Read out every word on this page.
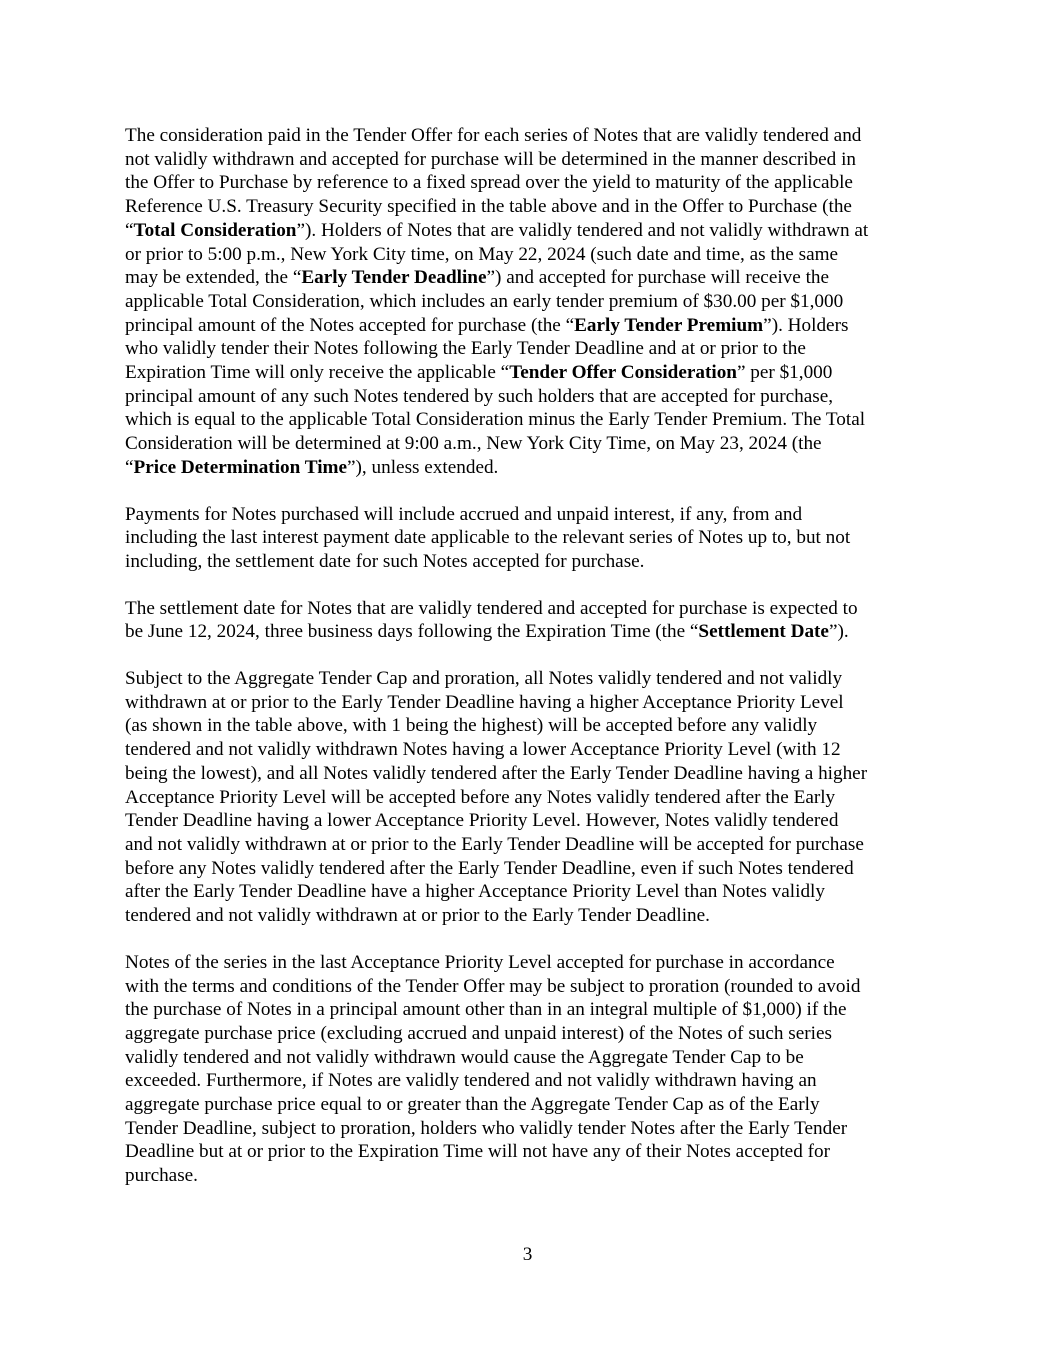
The consideration paid in the Tender Offer for each series of Notes that are validly tendered and
not validly withdrawn and accepted for purchase will be determined in the manner described in
the Offer to Purchase by reference to a fixed spread over the yield to maturity of the applicable
Reference U.S. Treasury Security specified in the table above and in the Offer to Purchase (the
“Total Consideration”). Holders of Notes that are validly tendered and not validly withdrawn at
or prior to 5:00 p.m., New York City time, on May 22, 2024 (such date and time, as the same
may be extended, the “Early Tender Deadline”) and accepted for purchase will receive the
applicable Total Consideration, which includes an early tender premium of $30.00 per $1,000
principal amount of the Notes accepted for purchase (the “Early Tender Premium”). Holders
who validly tender their Notes following the Early Tender Deadline and at or prior to the
Expiration Time will only receive the applicable “Tender Offer Consideration” per $1,000
principal amount of any such Notes tendered by such holders that are accepted for purchase,
which is equal to the applicable Total Consideration minus the Early Tender Premium. The Total
Consideration will be determined at 9:00 a.m., New York City Time, on May 23, 2024 (the
“Price Determination Time”), unless extended.

Payments for Notes purchased will include accrued and unpaid interest, if any, from and
including the last interest payment date applicable to the relevant series of Notes up to, but not
including, the settlement date for such Notes accepted for purchase.

The settlement date for Notes that are validly tendered and accepted for purchase is expected to
be June 12, 2024, three business days following the Expiration Time (the “Settlement Date”).

Subject to the Aggregate Tender Cap and proration, all Notes validly tendered and not validly
withdrawn at or prior to the Early Tender Deadline having a higher Acceptance Priority Level
(as shown in the table above, with 1 being the highest) will be accepted before any validly
tendered and not validly withdrawn Notes having a lower Acceptance Priority Level (with 12
being the lowest), and all Notes validly tendered after the Early Tender Deadline having a higher
Acceptance Priority Level will be accepted before any Notes validly tendered after the Early
Tender Deadline having a lower Acceptance Priority Level. However, Notes validly tendered
and not validly withdrawn at or prior to the Early Tender Deadline will be accepted for purchase
before any Notes validly tendered after the Early Tender Deadline, even if such Notes tendered
after the Early Tender Deadline have a higher Acceptance Priority Level than Notes validly
tendered and not validly withdrawn at or prior to the Early Tender Deadline.

Notes of the series in the last Acceptance Priority Level accepted for purchase in accordance
with the terms and conditions of the Tender Offer may be subject to proration (rounded to avoid
the purchase of Notes in a principal amount other than in an integral multiple of $1,000) if the
aggregate purchase price (excluding accrued and unpaid interest) of the Notes of such series
validly tendered and not validly withdrawn would cause the Aggregate Tender Cap to be
exceeded. Furthermore, if Notes are validly tendered and not validly withdrawn having an
aggregate purchase price equal to or greater than the Aggregate Tender Cap as of the Early
Tender Deadline, subject to proration, holders who validly tender Notes after the Early Tender
Deadline but at or prior to the Expiration Time will not have any of their Notes accepted for
purchase.

3
